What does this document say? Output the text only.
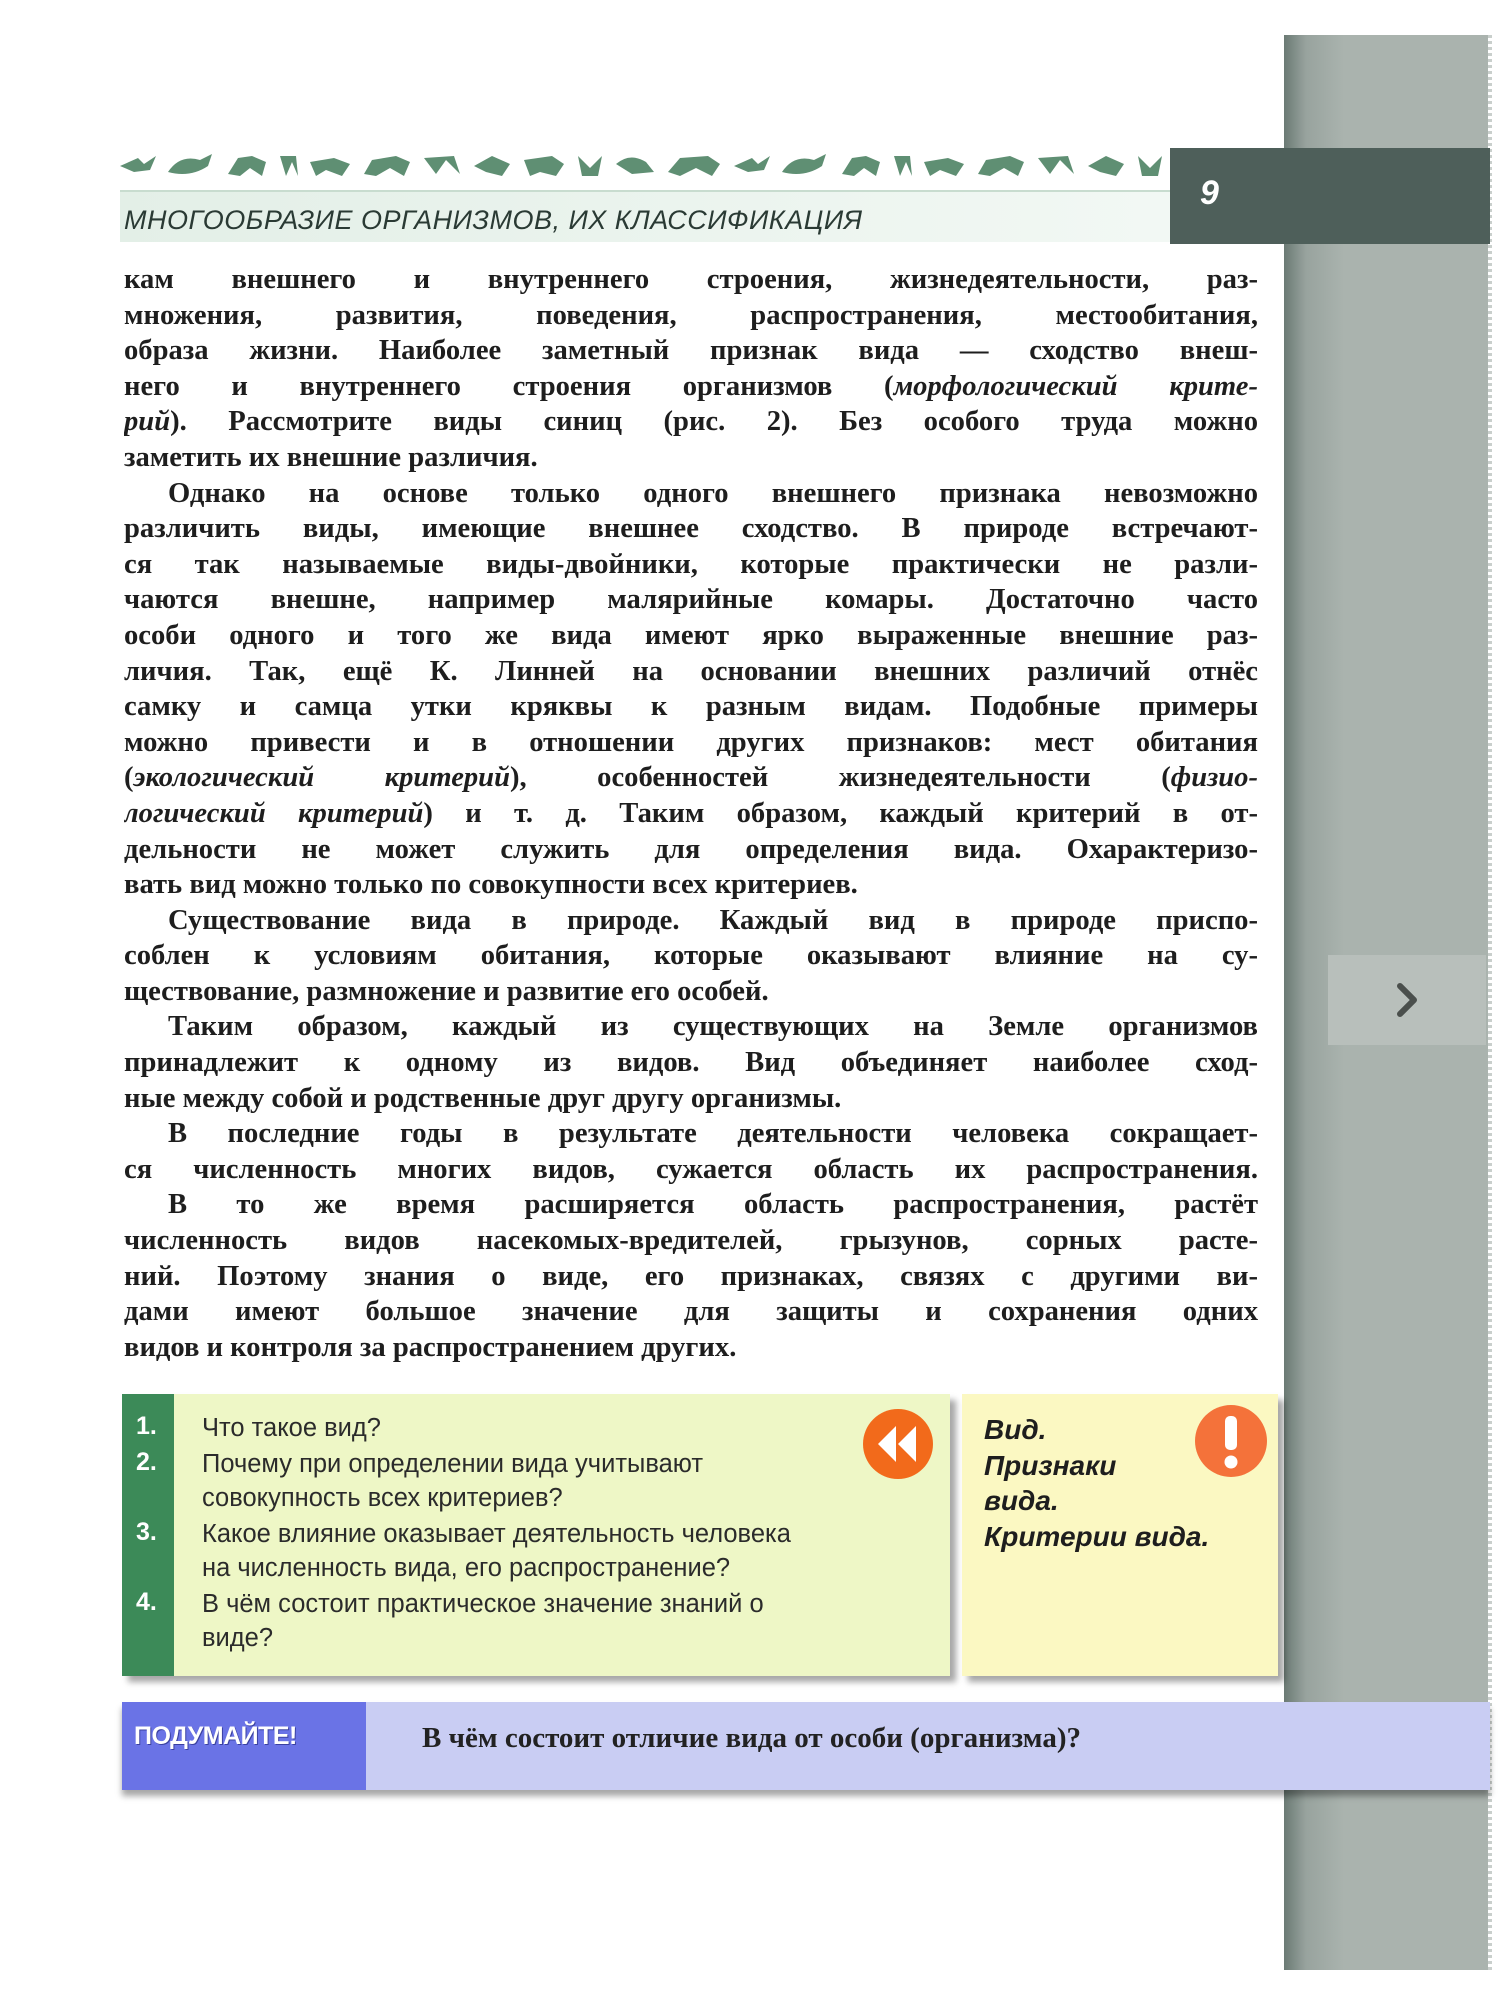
МНОГООБРАЗИЕ ОРГАНИЗМОВ, ИХ КЛАССИФИКАЦИЯ
9
кам внешнего и внутреннего строения, жизнедеятельности, раз-
множения, развития, поведения, распространения, местообитания,
образа жизни. Наиболее заметный признак вида — сходство внеш-
него и внутреннего строения организмов (морфологический крите-
рий). Рассмотрите виды синиц (рис. 2). Без особого труда можно
заметить их внешние различия.
Однако на основе только одного внешнего признака невозможно
различить виды, имеющие внешнее сходство. В природе встречают-
ся так называемые виды-двойники, которые практически не разли-
чаются внешне, например малярийные комары. Достаточно часто
особи одного и того же вида имеют ярко выраженные внешние раз-
личия. Так, ещё К. Линней на основании внешних различий отнёс
самку и самца утки кряквы к разным видам. Подобные примеры
можно привести и в отношении других признаков: мест обитания
(экологический критерий), особенностей жизнедеятельности (физио-
логический критерий) и т. д. Таким образом, каждый критерий в от-
дельности не может служить для определения вида. Охарактеризо-
вать вид можно только по совокупности всех критериев.
Существование вида в природе. Каждый вид в природе приспо-
соблен к условиям обитания, которые оказывают влияние на су-
ществование, размножение и развитие его особей.
Таким образом, каждый из существующих на Земле организмов
принадлежит к одному из видов. Вид объединяет наиболее сход-
ные между собой и родственные друг другу организмы.
В последние годы в результате деятельности человека сокращает-
ся численность многих видов, сужается область их распространения.
В то же время расширяется область распространения, растёт
численность видов насекомых-вредителей, грызунов, сорных расте-
ний. Поэтому знания о виде, его признаках, связях с другими ви-
дами имеют большое значение для защиты и сохранения одних
видов и контроля за распространением других.
1.
2.
3.
4.
Что такое вид?
Почему при определении вида учитывают
совокупность всех критериев?
Какое влияние оказывает деятельность человека
на численность вида, его распространение?
В чём состоит практическое значение знаний о
виде?
Вид.
Признаки
вида.
Критерии вида.
ПОДУМАЙТЕ!	В чём состоит отличие вида от особи (организма)?
